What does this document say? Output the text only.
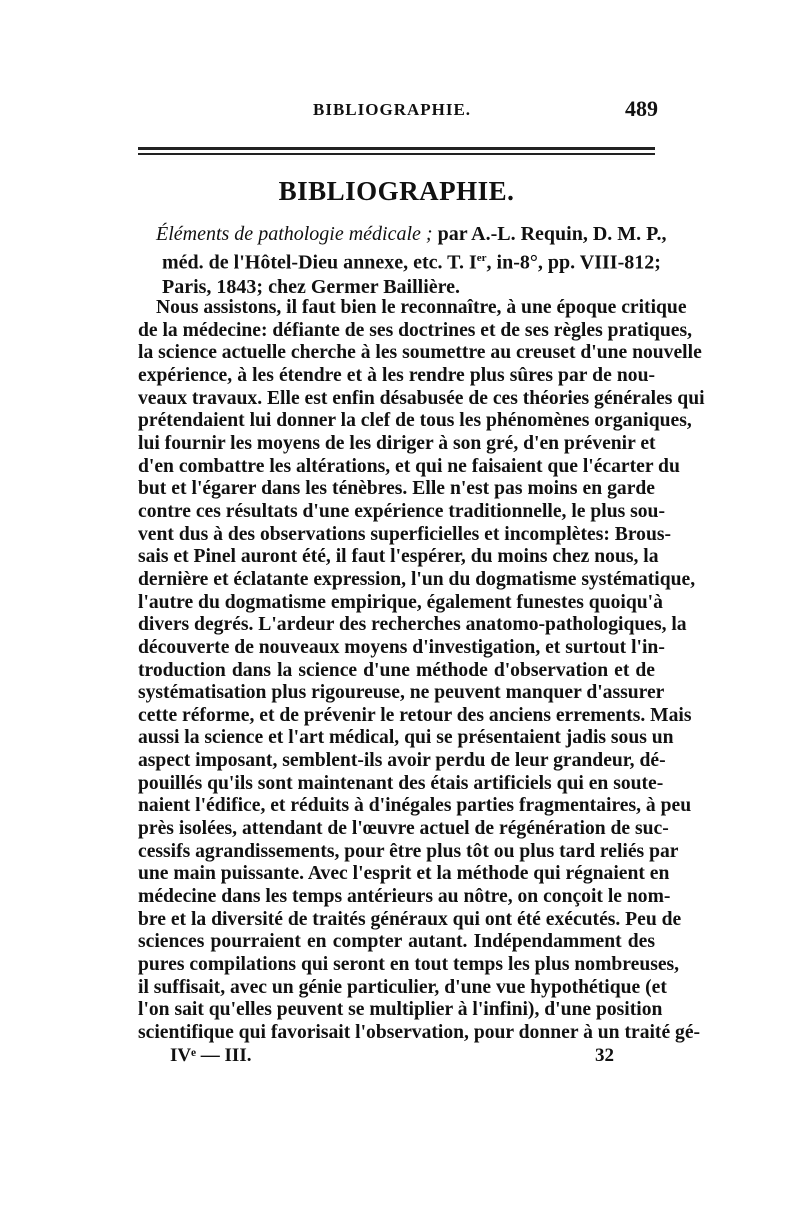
BIBLIOGRAPHIE.	489
BIBLIOGRAPHIE.
Éléments de pathologie médicale ; par A.-L. Requin, D. M. P.,
méd. de l'Hôtel-Dieu annexe, etc. T. Ier, in-8°, pp. VIII-812;
Paris, 1843; chez Germer Baillière.
Nous assistons, il faut bien le reconnaître, à une époque critique
de la médecine: défiante de ses doctrines et de ses règles pratiques,
la science actuelle cherche à les soumettre au creuset d'une nouvelle
expérience, à les étendre et à les rendre plus sûres par de nou-
veaux travaux. Elle est enfin désabusée de ces théories générales qui
prétendaient lui donner la clef de tous les phénomènes organiques,
lui fournir les moyens de les diriger à son gré, d'en prévenir et
d'en combattre les altérations, et qui ne faisaient que l'écarter du
but et l'égarer dans les ténèbres. Elle n'est pas moins en garde
contre ces résultats d'une expérience traditionnelle, le plus sou-
vent dus à des observations superficielles et incomplètes: Brous-
sais et Pinel auront été, il faut l'espérer, du moins chez nous, la
dernière et éclatante expression, l'un du dogmatisme systématique,
l'autre du dogmatisme empirique, également funestes quoiqu'à
divers degrés. L'ardeur des recherches anatomo-pathologiques, la
découverte de nouveaux moyens d'investigation, et surtout l'in-
troduction dans la science d'une méthode d'observation et de
systématisation plus rigoureuse, ne peuvent manquer d'assurer
cette réforme, et de prévenir le retour des anciens errements. Mais
aussi la science et l'art médical, qui se présentaient jadis sous un
aspect imposant, semblent-ils avoir perdu de leur grandeur, dé-
pouillés qu'ils sont maintenant des étais artificiels qui en soute-
naient l'édifice, et réduits à d'inégales parties fragmentaires, à peu
près isolées, attendant de l'œuvre actuel de régénération de suc-
cessifs agrandissements, pour être plus tôt ou plus tard reliés par
une main puissante. Avec l'esprit et la méthode qui régnaient en
médecine dans les temps antérieurs au nôtre, on conçoit le nom-
bre et la diversité de traités généraux qui ont été exécutés. Peu de
sciences pourraient en compter autant. Indépendamment des
pures compilations qui seront en tout temps les plus nombreuses,
il suffisait, avec un génie particulier, d'une vue hypothétique (et
l'on sait qu'elles peuvent se multiplier à l'infini), d'une position
scientifique qui favorisait l'observation, pour donner à un traité gé-
IVᵉ — III.	32
